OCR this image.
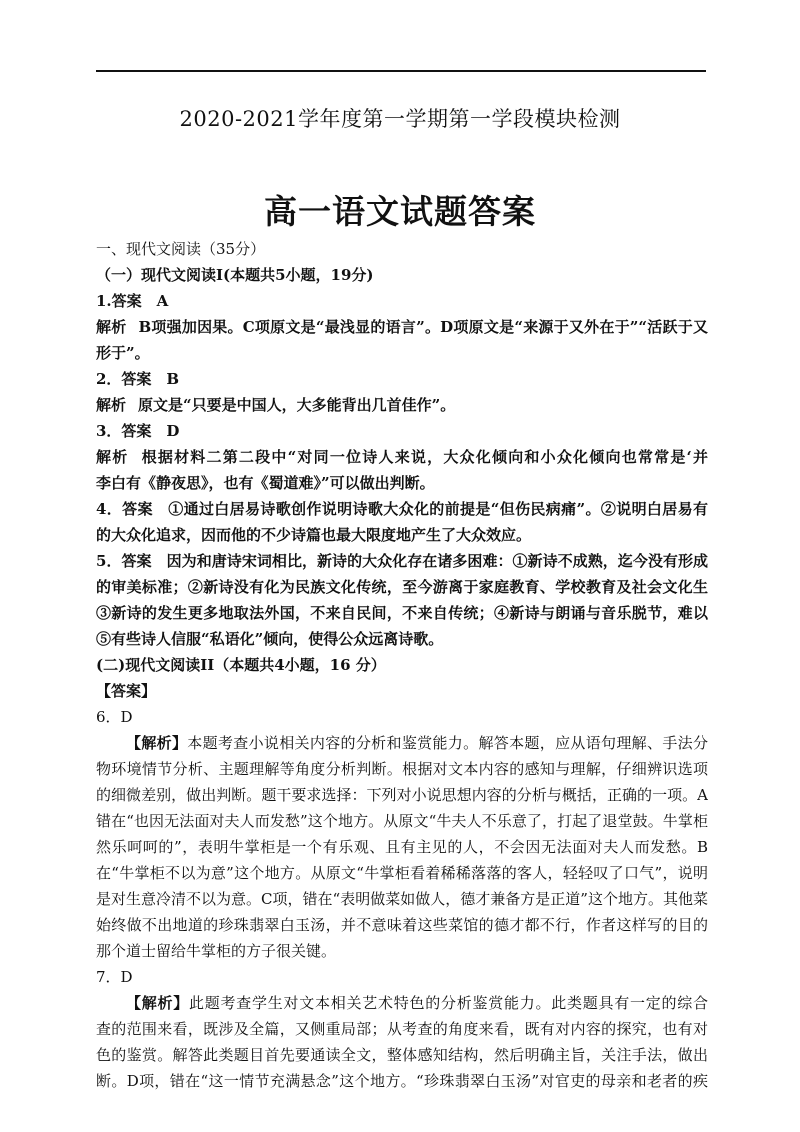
2020-2021学年度第一学期第一学段模块检测
高一语文试题答案
一、现代文阅读（35分）
（一）现代文阅读Ⅰ(本题共5小题，19分)
1.答案　A
解析 B项强加因果。C项原文是“最浅显的语言”。D项原文是“来源于又外在于”“活跃于又
形于”。
2．答案　B
解析 原文是“只要是中国人，大多能背出几首佳作”。
3．答案　D
解析 根据材料二第二段中“对同一位诗人来说，大众化倾向和小众化倾向也常常是‘并
李白有《静夜思》，也有《蜀道难》”可以做出判断。
4．答案　①通过白居易诗歌创作说明诗歌大众化的前提是“但伤民病痛”。②说明白居易有
的大众化追求，因而他的不少诗篇也最大限度地产生了大众效应。
5．答案　因为和唐诗宋词相比，新诗的大众化存在诸多困难：①新诗不成熟，迄今没有形成
的审美标准；②新诗没有化为民族文化传统，至今游离于家庭教育、学校教育及社会文化生
③新诗的发生更多地取法外国，不来自民间，不来自传统；④新诗与朗诵与音乐脱节，难以
⑤有些诗人信服“私语化”倾向，使得公众远离诗歌。
(二)现代文阅读II（本题共4小题，16 分）
【答案】
6．D
【解析】本题考查小说相关内容的分析和鉴赏能力。解答本题，应从语句理解、手法分
物环境情节分析、主题理解等角度分析判断。根据对文本内容的感知与理解，仔细辨识选项
的细微差别，做出判断。题干要求选择：下列对小说思想内容的分析与概括，正确的一项。A
错在“也因无法面对夫人而发愁”这个地方。从原文“牛夫人不乐意了，打起了退堂鼓。牛掌柜
然乐呵呵的”，表明牛掌柜是一个有乐观、且有主见的人，不会因无法面对夫人而发愁。B
在“牛掌柜不以为意”这个地方。从原文“牛掌柜看着稀稀落落的客人，轻轻叹了口气”，说明
是对生意冷清不以为意。C项，错在“表明做菜如做人，德才兼备方是正道”这个地方。其他菜
始终做不出地道的珍珠翡翠白玉汤，并不意味着这些菜馆的德才都不行，作者这样写的目的
那个道士留给牛掌柜的方子很关键。
7．D
【解析】此题考查学生对文本相关艺术特色的分析鉴赏能力。此类题具有一定的综合
查的范围来看，既涉及全篇，又侧重局部；从考查的角度来看，既有对内容的探究，也有对
色的鉴赏。解答此类题目首先要通读全文，整体感知结构，然后明确主旨，关注手法，做出
断。D项，错在“这一情节充满悬念”这个地方。“珍珠翡翠白玉汤”对官吏的母亲和老者的疾
